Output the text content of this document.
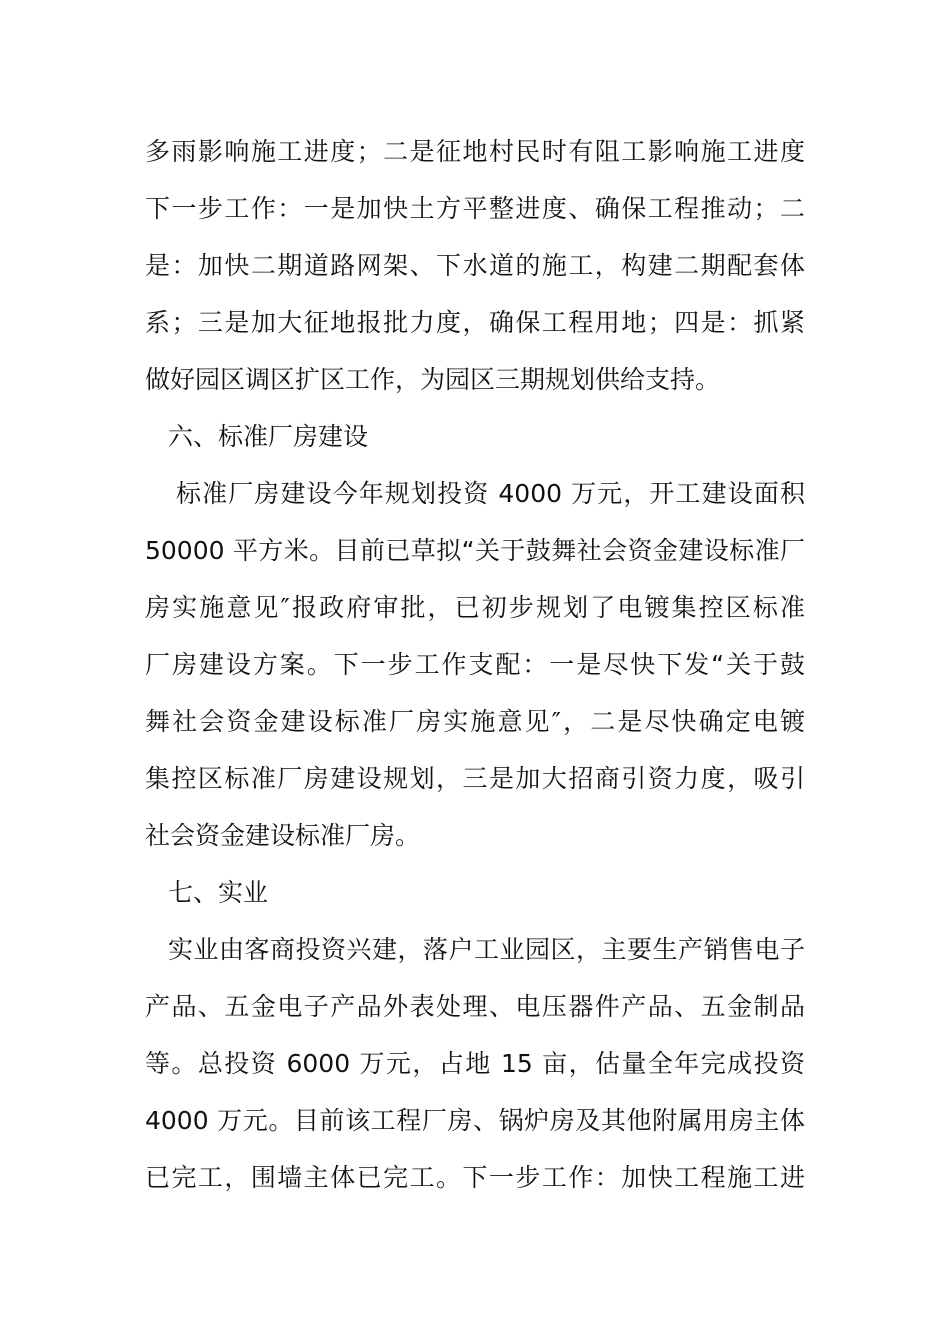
多雨影响施工进度；二是征地村民时有阻工影响施工进度
下一步工作：一是加快土方平整进度、确保工程推动；二
是：加快二期道路网架、下水道的施工，构建二期配套体
系；三是加大征地报批力度，确保工程用地；四是：抓紧
做好园区调区扩区工作，为园区三期规划供给支持。
六、标准厂房建设
标准厂房建设今年规划投资 4000 万元，开工建设面积
50000 平方米。目前已草拟“关于鼓舞社会资金建设标准厂
房实施意见″报政府审批，已初步规划了电镀集控区标准
厂房建设方案。下一步工作支配：一是尽快下发“关于鼓
舞社会资金建设标准厂房实施意见″，二是尽快确定电镀
集控区标准厂房建设规划，三是加大招商引资力度，吸引
社会资金建设标准厂房。
七、实业
实业由客商投资兴建，落户工业园区，主要生产销售电子
产品、五金电子产品外表处理、电压器件产品、五金制品
等。总投资 6000 万元，占地 15 亩，估量全年完成投资
4000 万元。目前该工程厂房、锅炉房及其他附属用房主体
已完工，围墙主体已完工。下一步工作：加快工程施工进
